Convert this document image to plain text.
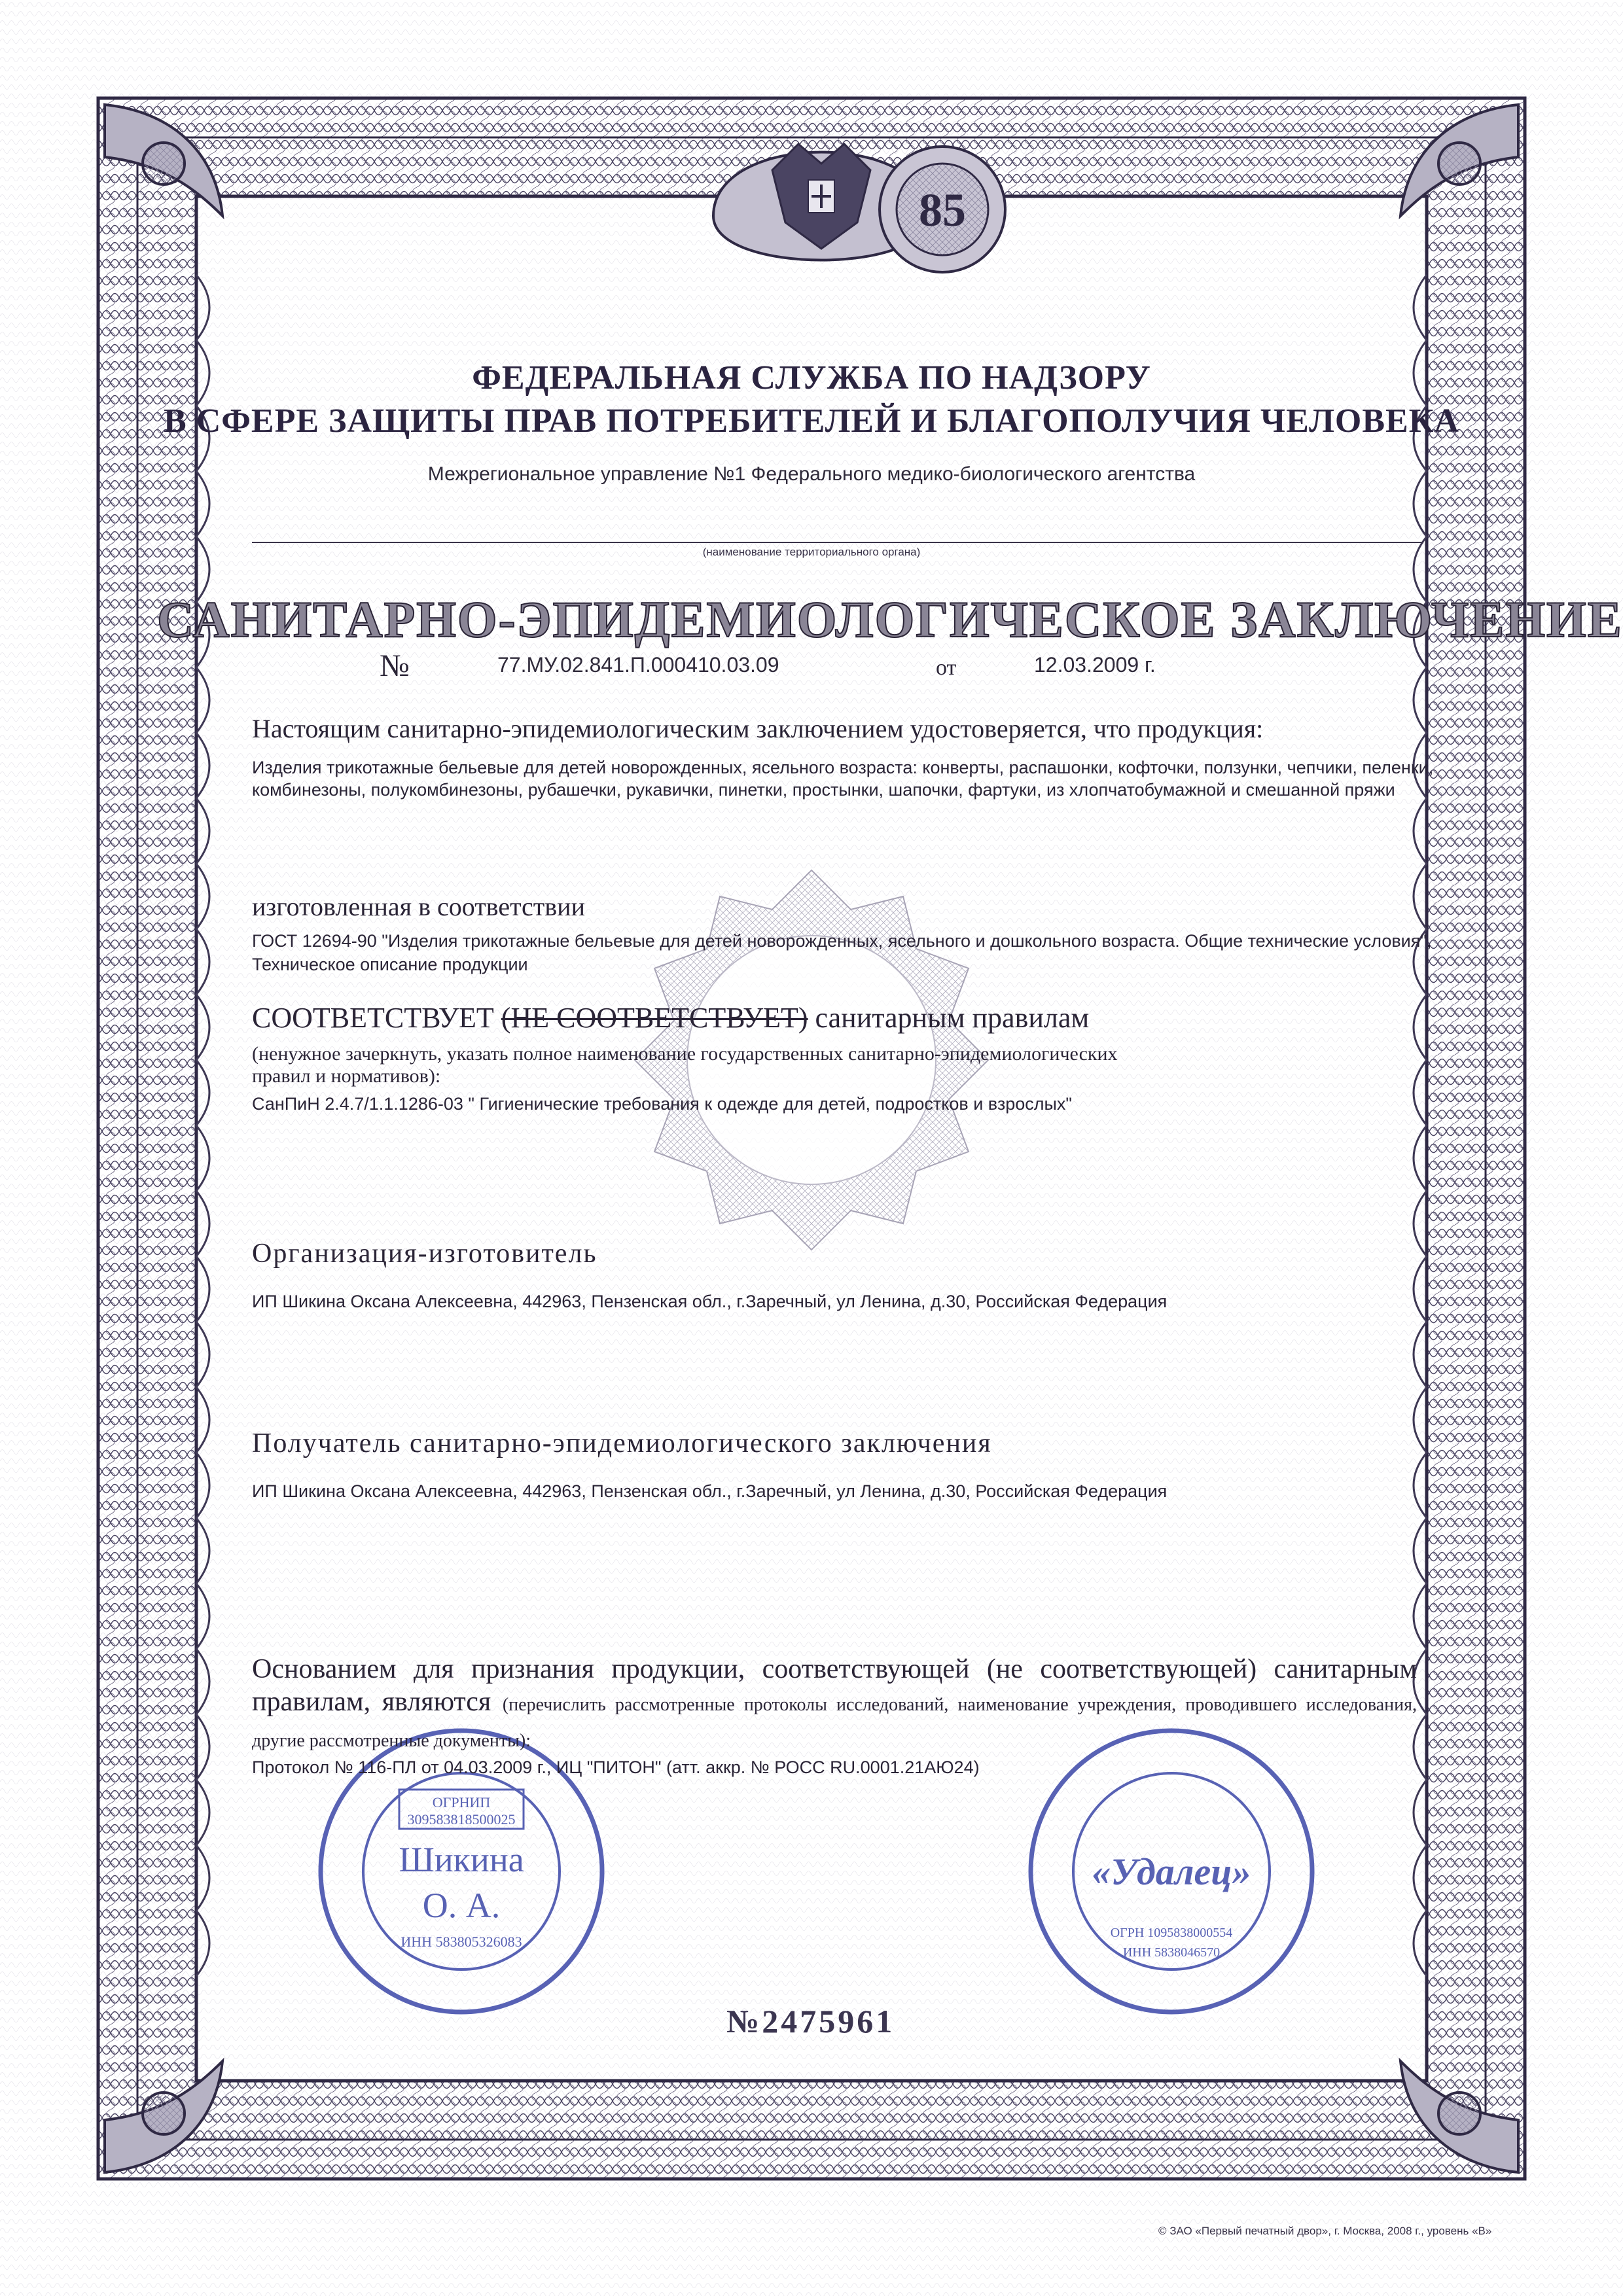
85
ОГРНИП
309583818500025
Шикина
О. А.
ИНН 583805326083
«Удалец»
ОГРН 1095838000554
ИНН 5838046570
ФЕДЕРАЛЬНАЯ СЛУЖБА ПО НАДЗОРУ
В СФЕРЕ ЗАЩИТЫ ПРАВ ПОТРЕБИТЕЛЕЙ И БЛАГОПОЛУЧИЯ ЧЕЛОВЕКА
Межрегиональное управление №1 Федерального медико-биологического агентства
(наименование территориального органа)
САНИТАРНО-ЭПИДЕМИОЛОГИЧЕСКОЕ ЗАКЛЮЧЕНИЕ
№	77.МУ.02.841.П.000410.03.09	от	12.03.2009 г.
Настоящим санитарно-эпидемиологическим заключением удостоверяется, что продукция:
Изделия трикотажные бельевые для детей новорожденных, ясельного возраста: конверты, распашонки, кофточки, ползунки, чепчики, пеленки, комбинезоны, полукомбинезоны, рубашечки, рукавички, пинетки, простынки, шапочки, фартуки, из хлопчатобумажной и смешанной пряжи
изготовленная в соответствии
ГОСТ 12694-90 "Изделия трикотажные бельевые для детей новорожденных, ясельного и дошкольного возраста. Общие технические условия", Техническое описание продукции
СООТВЕТСТВУЕТ (НЕ СООТВЕТСТВУЕТ) санитарным правилам
(ненужное зачеркнуть, указать полное наименование государственных санитарно-эпидемиологических
правил и нормативов):
СанПиН 2.4.7/1.1.1286-03 " Гигиенические требования к одежде для детей, подростков и взрослых"
Организация-изготовитель
ИП Шикина Оксана Алексеевна, 442963, Пензенская обл., г.Заречный, ул Ленина, д.30, Российская Федерация
Получатель санитарно-эпидемиологического заключения
ИП Шикина Оксана Алексеевна, 442963, Пензенская обл., г.Заречный, ул Ленина, д.30, Российская Федерация
Основанием для признания продукции, соответствующей (не соответствующей) санитарным правилам, являются (перечислить рассмотренные протоколы исследований, наименование учреждения, проводившего исследования, другие рассмотренные документы):
Протокол № 116-ПЛ от 04.03.2009 г., ИЦ "ПИТОН" (атт. аккр. № РОСС RU.0001.21АЮ24)
№2475961
© ЗАО «Первый печатный двор», г. Москва, 2008 г., уровень «В»
